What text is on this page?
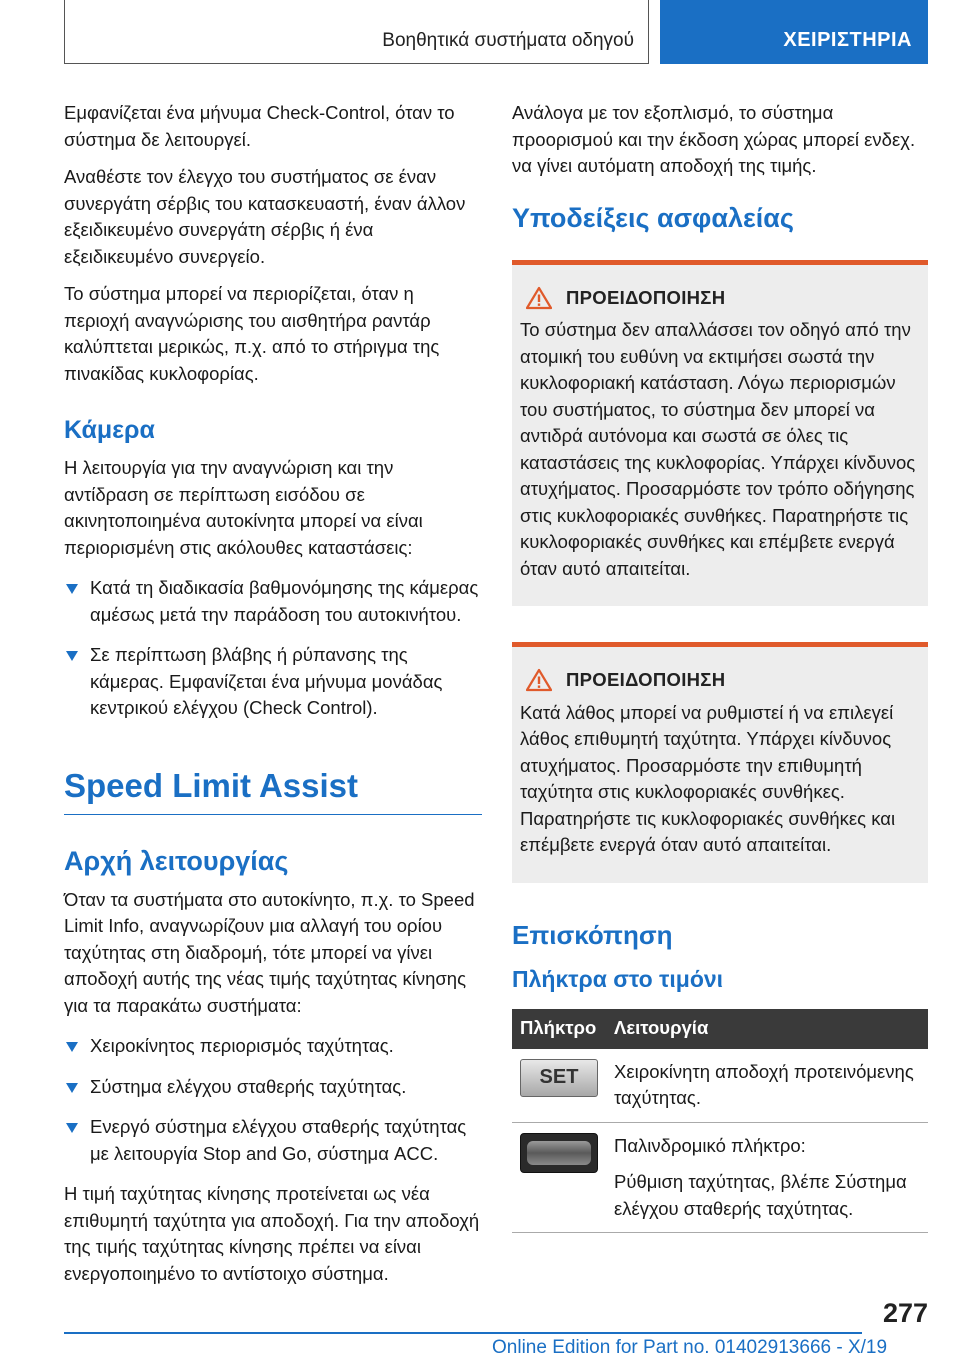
Βοηθητικά συστήματα οδηγού	ΧΕΙΡΙΣΤΗΡΙΑ

Εμφανίζεται ένα μήνυμα Check-Control, όταν το σύστημα δε λειτουργεί.

Αναθέστε τον έλεγχο του συστήματος σε έναν συνεργάτη σέρβις του κατασκευαστή, έναν άλλον εξειδικευμένο συνεργάτη σέρβις ή ένα εξειδικευμένο συνεργείο.

Το σύστημα μπορεί να περιορίζεται, όταν η περιοχή αναγνώρισης του αισθητήρα ραντάρ καλύπτεται μερικώς, π.χ. από το στήριγμα της πινακίδας κυκλοφορίας.

Κάμερα

Η λειτουργία για την αναγνώριση και την αντίδραση σε περίπτωση εισόδου σε ακινητοποιημένα αυτοκίνητα μπορεί να είναι περιορισμένη στις ακόλουθες καταστάσεις:

Κατά τη διαδικασία βαθμονόμησης της κάμερας αμέσως μετά την παράδοση του αυτοκινήτου.
Σε περίπτωση βλάβης ή ρύπανσης της κάμερας. Εμφανίζεται ένα μήνυμα μονάδας κεντρικού ελέγχου (Check Control).
Speed Limit Assist
Αρχή λειτουργίας

Όταν τα συστήματα στο αυτοκίνητο, π.χ. το Speed Limit Info, αναγνωρίζουν μια αλλαγή του ορίου ταχύτητας στη διαδρομή, τότε μπορεί να γίνει αποδοχή αυτής της νέας τιμής ταχύτητας κίνησης για τα παρακάτω συστήματα:

Χειροκίνητος περιορισμός ταχύτητας.
Σύστημα ελέγχου σταθερής ταχύτητας.
Ενεργό σύστημα ελέγχου σταθερής ταχύτητας με λειτουργία Stop and Go, σύστημα ACC.

Η τιμή ταχύτητας κίνησης προτείνεται ως νέα επιθυμητή ταχύτητα για αποδοχή. Για την αποδοχή της τιμής ταχύτητας κίνησης πρέπει να είναι ενεργοποιημένο το αντίστοιχο σύστημα.

Ανάλογα με τον εξοπλισμό, το σύστημα προορισμού και την έκδοση χώρας μπορεί ενδεχ. να γίνει αυτόματη αποδοχή της τιμής.

Υποδείξεις ασφαλείας
ΠΡΟΕΙΔΟΠΟΙΗΣΗ
Το σύστημα δεν απαλλάσσει τον οδηγό από την ατομική του ευθύνη να εκτιμήσει σωστά την κυκλοφοριακή κατάσταση. Λόγω περιορισμών του συστήματος, το σύστημα δεν μπορεί να αντιδρά αυτόνομα και σωστά σε όλες τις καταστάσεις της κυκλοφορίας. Υπάρχει κίνδυνος ατυχήματος. Προσαρμόστε τον τρόπο οδήγησης στις κυκλοφοριακές συνθήκες. Παρατηρήστε τις κυκλοφοριακές συνθήκες και επέμβετε ενεργά όταν αυτό απαιτείται.
ΠΡΟΕΙΔΟΠΟΙΗΣΗ
Κατά λάθος μπορεί να ρυθμιστεί ή να επιλεγεί λάθος επιθυμητή ταχύτητα. Υπάρχει κίνδυνος ατυχήματος. Προσαρμόστε την επιθυμητή ταχύτητα στις κυκλοφοριακές συνθήκες. Παρατηρήστε τις κυκλοφοριακές συνθήκες και επέμβετε ενεργά όταν αυτό απαιτείται.
Επισκόπηση
Πλήκτρα στο τιμόνι
Πλήκτρο	Λειτουργία

SET	Χειροκίνητη αποδοχή προτεινόμενης ταχύτητας.

	Παλινδρομικό πλήκτρο:

Ρύθμιση ταχύτητας, βλέπε Σύστημα ελέγχου σταθερής ταχύτητας.

277
Online Edition for Part no. 01402913666 - X/19
